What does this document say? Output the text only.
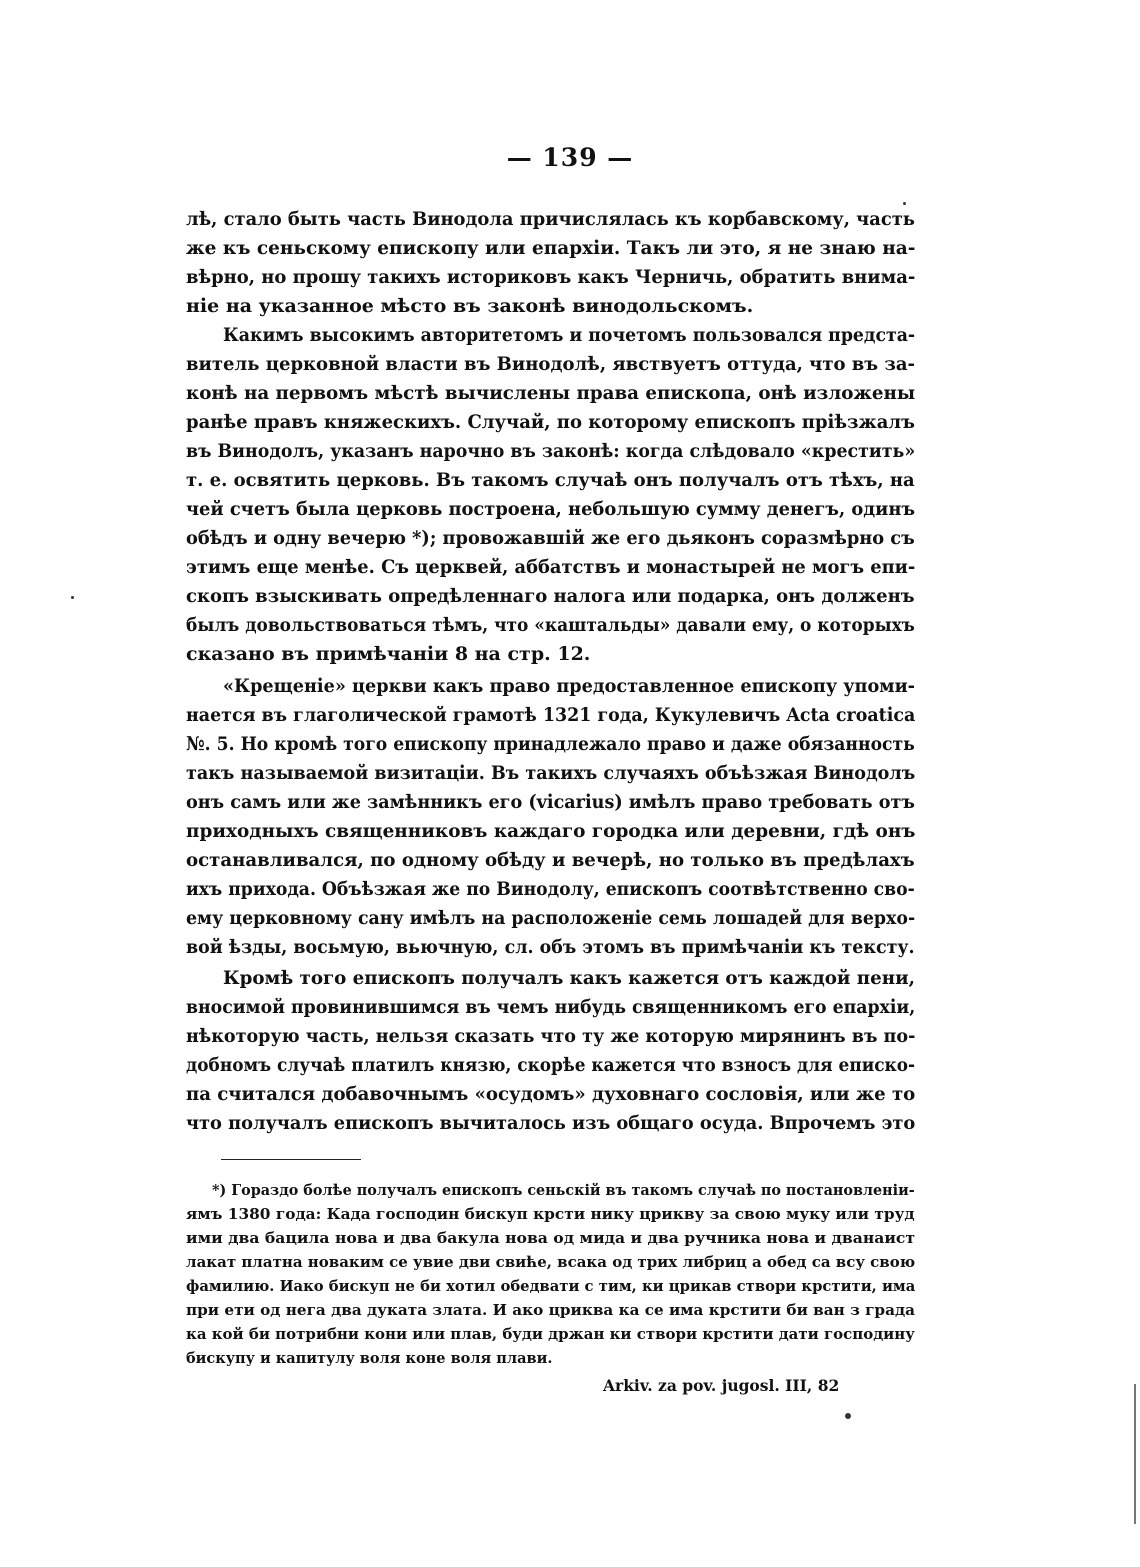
— 139 —
лѣ, стало быть часть Винодола причислялась къ корбавскому, часть
же къ сеньскому епископу или епархіи. Такъ ли это, я не знаю на-
вѣрно, но прошу такихъ историковъ какъ Черничь, обратить внима-
ніе на указанное мѣсто въ законѣ винодольскомъ.
Какимъ высокимъ авторитетомъ и почетомъ пользовался предста-
витель церковной власти въ Винодолѣ, явствуетъ оттуда, что въ за-
конѣ на первомъ мѣстѣ вычислены права епископа, онѣ изложены
ранѣе правъ княжескихъ. Случай, по которому епископъ пріѣзжалъ
въ Винодолъ, указанъ нарочно въ законѣ: когда слѣдовало «крестить»
т. е. освятить церковь. Въ такомъ случаѣ онъ получалъ отъ тѣхъ, на
чей счетъ была церковь построена, небольшую сумму денегъ, одинъ
обѣдъ и одну вечерю *); провожавшій же его дьяконъ соразмѣрно съ
этимъ еще менѣе. Съ церквей, аббатствъ и монастырей не могъ епи-
скопъ взыскивать опредѣленнаго налога или подарка, онъ долженъ
былъ довольствоваться тѣмъ, что «каштальды» давали ему, о которыхъ
сказано въ примѣчаніи 8 на стр. 12.
«Крещеніе» церкви какъ право предоставленное епископу упоми-
нается въ глаголической грамотѣ 1321 года, Кукулевичъ Acta croatica
№. 5. Но кромѣ того епископу принадлежало право и даже обязанность
такъ называемой визитаціи. Въ такихъ случаяхъ объѣзжая Винодолъ
онъ самъ или же замѣнникъ его (vicarius) имѣлъ право требовать отъ
приходныхъ священниковъ каждаго городка или деревни, гдѣ онъ
останавливался, по одному обѣду и вечерѣ, но только въ предѣлахъ
ихъ прихода. Объѣзжая же по Винодолу, епископъ соотвѣтственно сво-
ему церковному сану имѣлъ на расположеніе семь лошадей для верхо-
вой ѣзды, восьмую, вьючную, сл. объ этомъ въ примѣчаніи къ тексту.
Кромѣ того епископъ получалъ какъ кажется отъ каждой пени,
вносимой провинившимся въ чемъ нибудь священникомъ его епархіи,
нѣкоторую часть, нельзя сказать что ту же которую мирянинъ въ по-
добномъ случаѣ платилъ князю, скорѣе кажется что взносъ для еписко-
па считался добавочнымъ «осудомъ» духовнаго сословія, или же то
что получалъ епископъ вычиталось изъ общаго осуда. Впрочемъ это
*) Гораздо болѣе получалъ епископъ сеньскій въ такомъ случаѣ по постановленіи-
ямъ 1380 года: Када господин бискуп крсти нику црикву за свою муку или труд
ими два бацила нова и два бакула нова од мида и два ручника нова и дванаист
лакат платна новаким се увие дви свиће, всака од трих либриц а обед са всу свою
фамилию. Иако бискуп не би хотил обедвати с тим, ки црикав створи крстити, има
при ети од нега два дуката злата. И ако цриква ка се има крстити би ван з града
ка кой би потрибни кони или плав, буди држан ки створи крстити дати господину
бискупу и капитулу воля коне воля плави.
Arkiv. za pov. jugosl. III, 82
